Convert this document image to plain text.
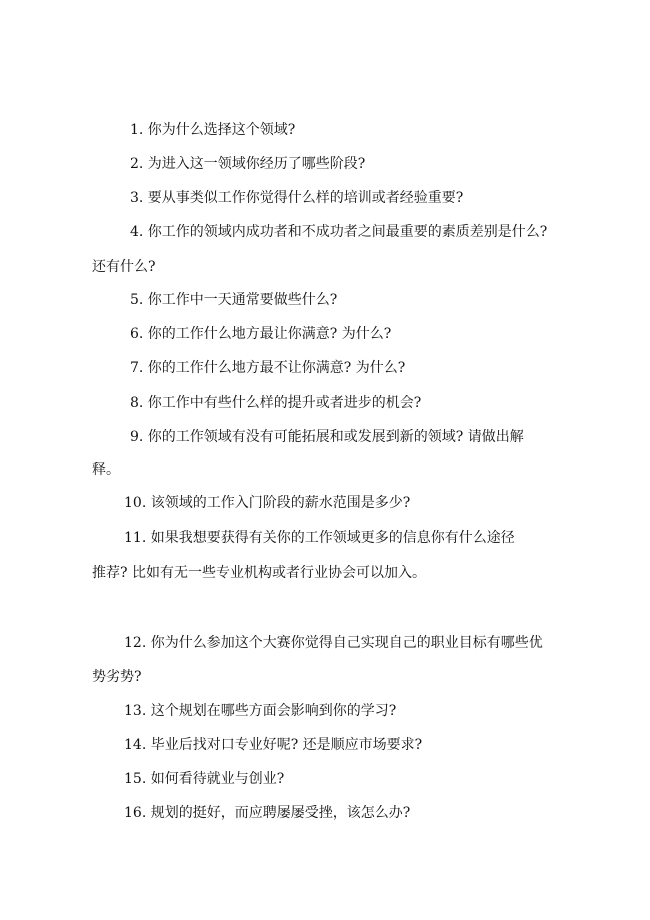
1. 你为什么选择这个领域?
2. 为进入这一领域你经历了哪些阶段?
3. 要从事类似工作你觉得什么样的培训或者经验重要?
4. 你工作的领域内成功者和不成功者之间最重要的素质差别是什么?
还有什么?
5. 你工作中一天通常要做些什么?
6. 你的工作什么地方最让你满意? 为什么?
7. 你的工作什么地方最不让你满意? 为什么?
8. 你工作中有些什么样的提升或者进步的机会?
9. 你的工作领域有没有可能拓展和或发展到新的领域? 请做出解
释。
10. 该领域的工作入门阶段的薪水范围是多少?
11. 如果我想要获得有关你的工作领域更多的信息你有什么途径
推荐? 比如有无一些专业机构或者行业协会可以加入。
12. 你为什么参加这个大赛你觉得自己实现自己的职业目标有哪些优
势劣势?
13. 这个规划在哪些方面会影响到你的学习?
14. 毕业后找对口专业好呢? 还是顺应市场要求?
15. 如何看待就业与创业?
16. 规划的挺好，而应聘屡屡受挫，该怎么办?
